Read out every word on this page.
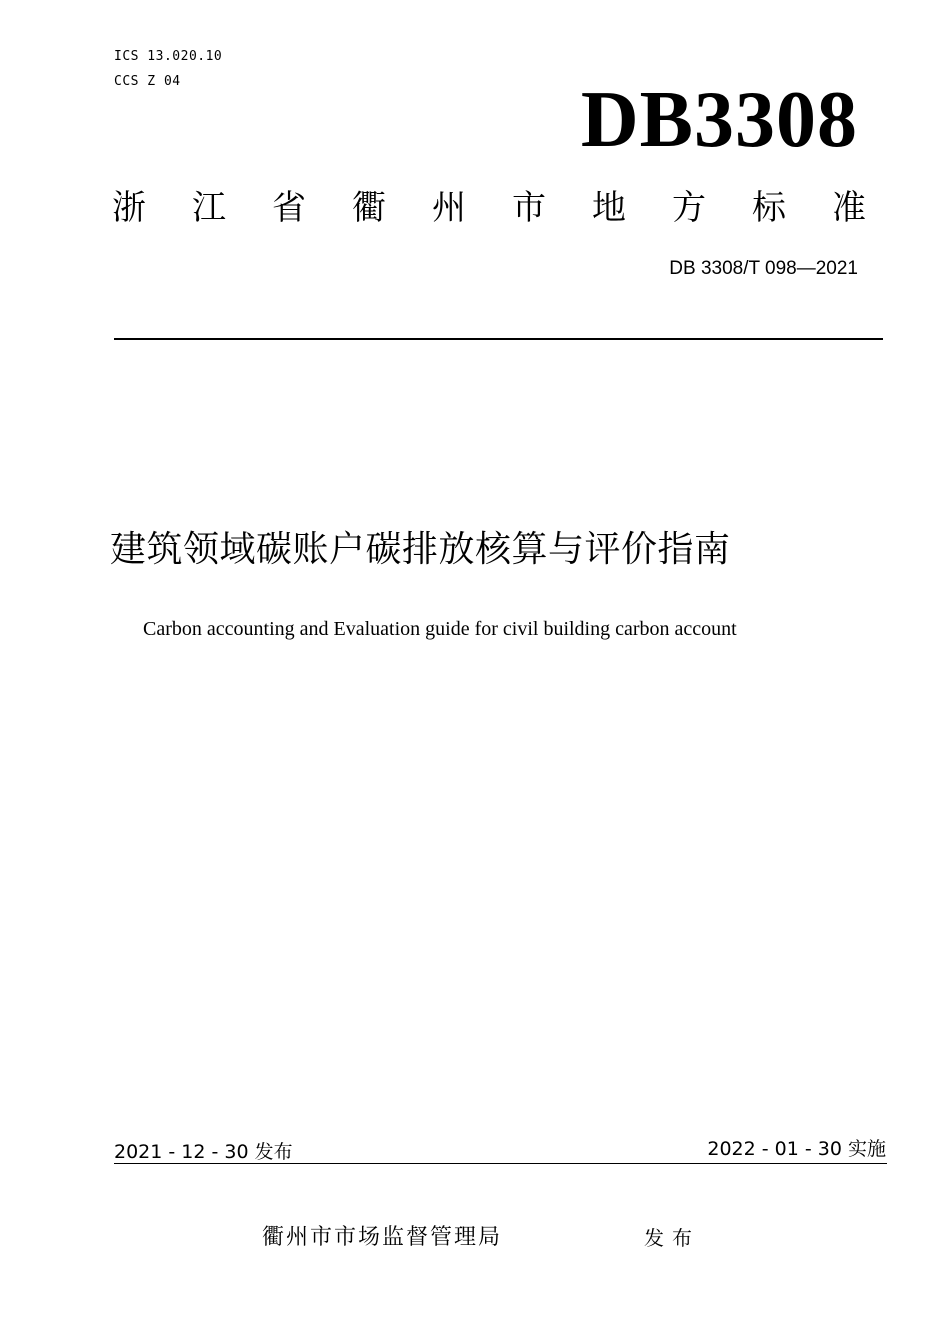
ICS 13.020.10
CCS Z 04	DB3308
浙 江 省 衢 州 市 地 方 标 准
DB 3308/T 098—2021
建筑领域碳账户碳排放核算与评价指南
Carbon accounting and Evaluation guide for civil building carbon account
2021 - 12 - 30 发布	2022 - 01 - 30 实施
衢州市市场监督管理局	发布
